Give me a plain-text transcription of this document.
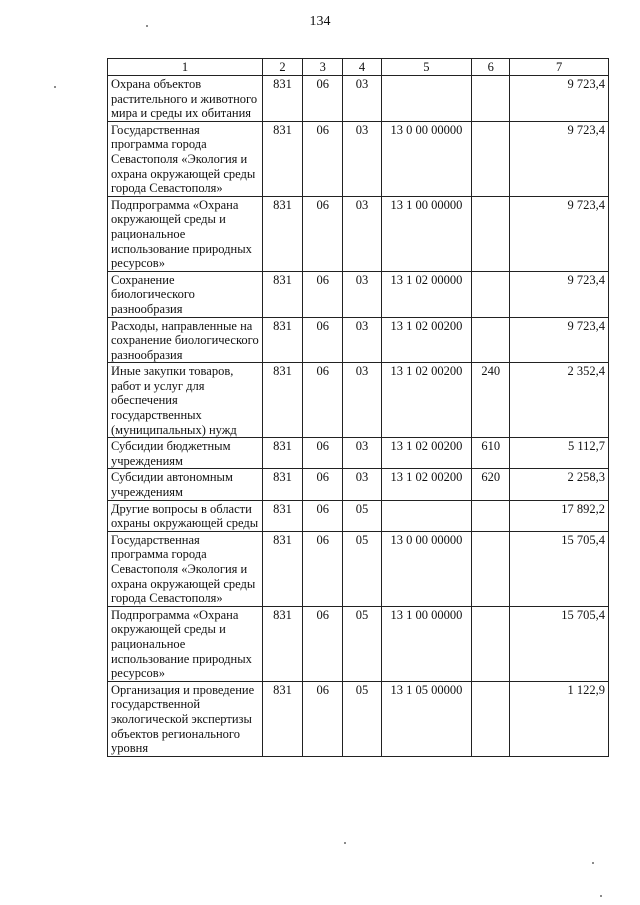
134
1	2	3	4	5	6	7
Охрана объектов растительного и животного мира и среды их обитания	831	06	03			9 723,4
Государственная программа города Севастополя «Экология и охрана окружающей среды города Севастополя»	831	06	03	13 0 00 00000		9 723,4
Подпрограмма «Охрана окружающей среды и рациональное использование природных ресурсов»	831	06	03	13 1 00 00000		9 723,4
Сохранение биологического разнообразия	831	06	03	13 1 02 00000		9 723,4
Расходы, направленные на сохранение биологического разнообразия	831	06	03	13 1 02 00200		9 723,4
Иные закупки товаров, работ и услуг для обеспечения государственных (муниципальных) нужд	831	06	03	13 1 02 00200	240	2 352,4
Субсидии бюджетным учреждениям	831	06	03	13 1 02 00200	610	5 112,7
Субсидии автономным учреждениям	831	06	03	13 1 02 00200	620	2 258,3
Другие вопросы в области охраны окружающей среды	831	06	05			17 892,2
Государственная программа города Севастополя «Экология и охрана окружающей среды города Севастополя»	831	06	05	13 0 00 00000		15 705,4
Подпрограмма «Охрана окружающей среды и рациональное использование природных ресурсов»	831	06	05	13 1 00 00000		15 705,4
Организация и проведение государственной экологической экспертизы объектов регионального уровня	831	06	05	13 1 05 00000		1 122,9
